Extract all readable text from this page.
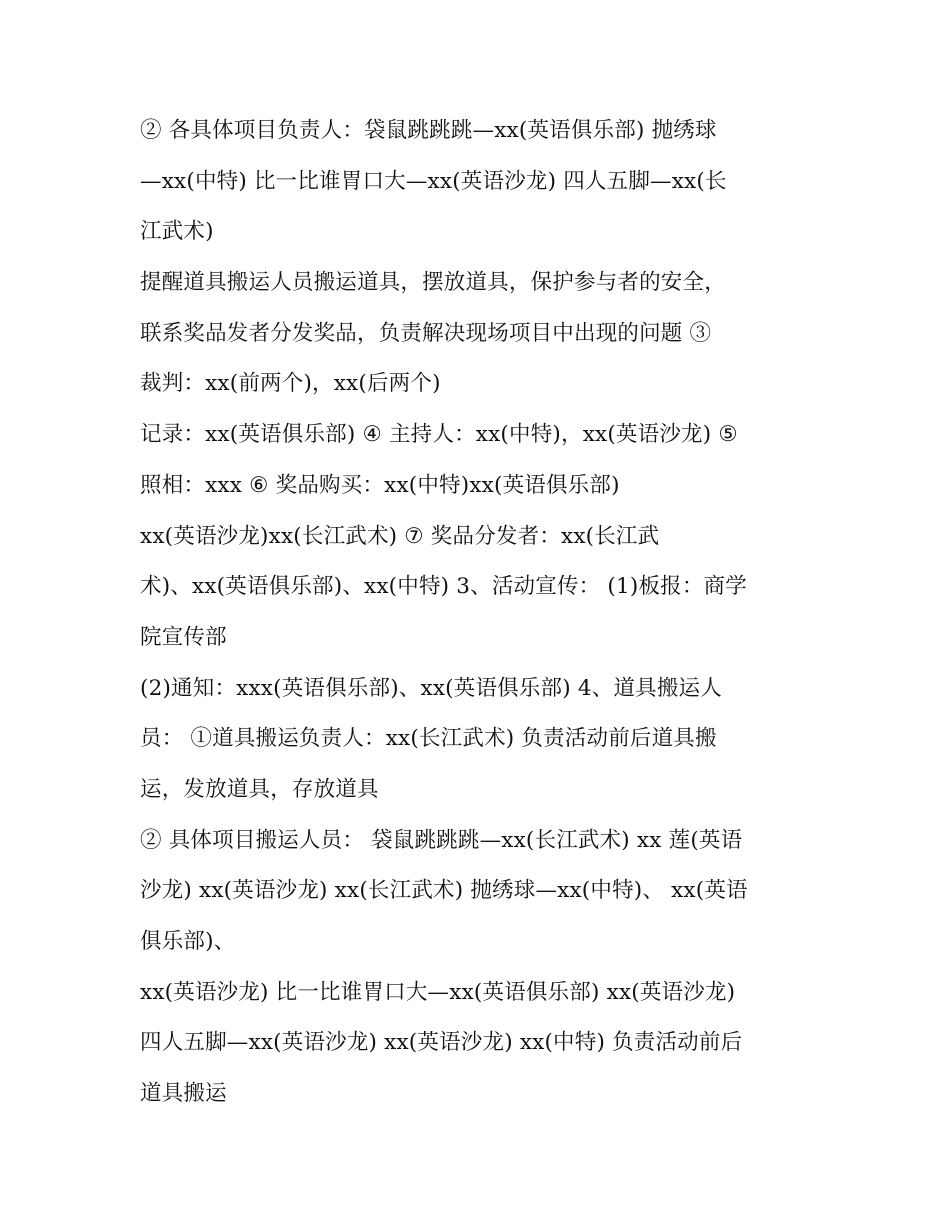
② 各具体项目负责人：袋鼠跳跳跳—xx(英语俱乐部) 抛绣球
—xx(中特) 比一比谁胃口大—xx(英语沙龙) 四人五脚—xx(长
江武术)
提醒道具搬运人员搬运道具，摆放道具，保护参与者的安全，
联系奖品发者分发奖品，负责解决现场项目中出现的问题 ③
裁判：xx(前两个)，xx(后两个)
记录：xx(英语俱乐部) ④ 主持人：xx(中特)，xx(英语沙龙) ⑤
照相：xxx ⑥ 奖品购买：xx(中特)xx(英语俱乐部)
xx(英语沙龙)xx(长江武术) ⑦ 奖品分发者：xx(长江武
术)、xx(英语俱乐部)、xx(中特) 3、活动宣传： (1)板报：商学
院宣传部
(2)通知：xxx(英语俱乐部)、xx(英语俱乐部) 4、道具搬运人
员： ①道具搬运负责人：xx(长江武术) 负责活动前后道具搬
运，发放道具，存放道具
② 具体项目搬运人员： 袋鼠跳跳跳—xx(长江武术) xx 莲(英语
沙龙) xx(英语沙龙) xx(长江武术) 抛绣球—xx(中特)、 xx(英语
俱乐部)、
xx(英语沙龙) 比一比谁胃口大—xx(英语俱乐部) xx(英语沙龙)
四人五脚—xx(英语沙龙) xx(英语沙龙) xx(中特) 负责活动前后
道具搬运
